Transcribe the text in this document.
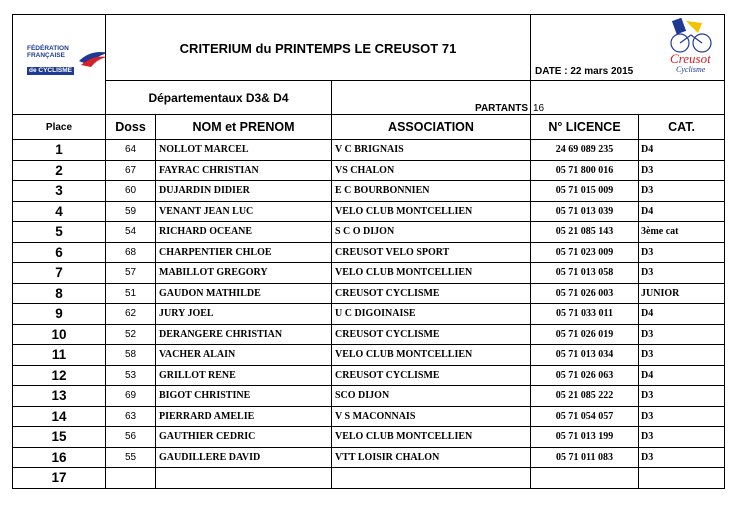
FÉDÉRATION
FRANÇAISE
de CYCLISME	CRITERIUM du PRINTEMPS LE CREUSOT 71			DATE : 22 mars 2015
Creusot
Cyclisme	

	Départementaux D3& D4		PARTANTS	16	
Place	Doss	NOM et PRENOM	ASSOCIATION	N° LICENCE	CAT.
1	64	NOLLOT MARCEL	V C BRIGNAIS	24 69 089 235	D4
2	67	FAYRAC CHRISTIAN	VS CHALON	05 71 800 016	D3
3	60	DUJARDIN DIDIER	E C BOURBONNIEN	05 71 015 009	D3
4	59	VENANT JEAN LUC	VELO CLUB MONTCELLIEN	05 71 013 039	D4
5	54	RICHARD OCEANE	S C O DIJON	05 21 085 143	3ème cat
6	68	CHARPENTIER CHLOE	CREUSOT VELO SPORT	05 71 023 009	D3
7	57	MABILLOT GREGORY	VELO CLUB MONTCELLIEN	05 71 013 058	D3
8	51	GAUDON MATHILDE	CREUSOT CYCLISME	05 71 026 003	JUNIOR
9	62	JURY JOEL	U C DIGOINAISE	05 71 033 011	D4
10	52	DERANGERE CHRISTIAN	CREUSOT CYCLISME	05 71 026 019	D3
11	58	VACHER ALAIN	VELO CLUB MONTCELLIEN	05 71 013 034	D3
12	53	GRILLOT RENE	CREUSOT CYCLISME	05 71 026 063	D4
13	69	BIGOT CHRISTINE	SCO DIJON	05 21 085 222	D3
14	63	PIERRARD AMELIE	V S MACONNAIS	05 71 054 057	D3
15	56	GAUTHIER CEDRIC	VELO CLUB MONTCELLIEN	05 71 013 199	D3
16	55	GAUDILLERE DAVID	VTT LOISIR CHALON	05 71 011 083	D3
17					
